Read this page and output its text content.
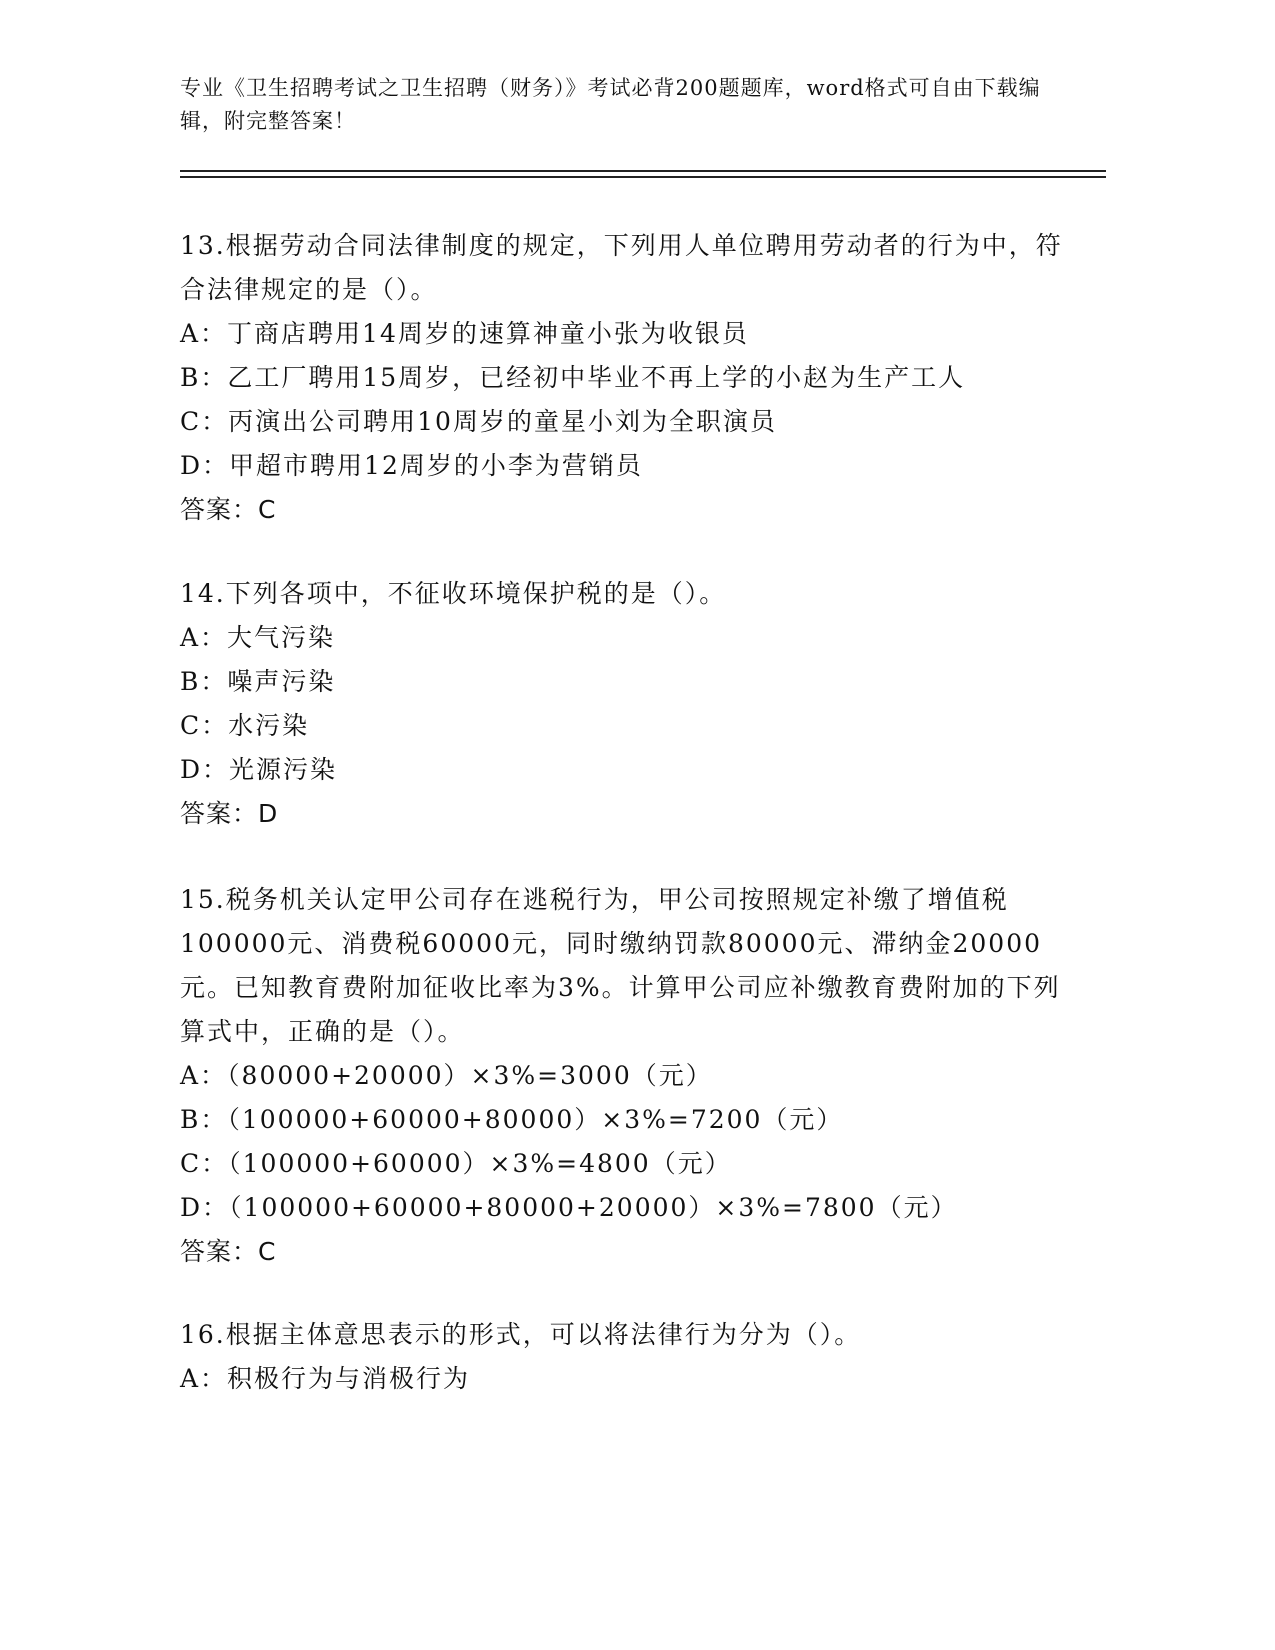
专业《卫生招聘考试之卫生招聘（财务）》考试必背200题题库，word格式可自由下载编辑，附完整答案！
13.根据劳动合同法律制度的规定，下列用人单位聘用劳动者的行为中，符合法律规定的是（）。
A：丁商店聘用14周岁的速算神童小张为收银员
B：乙工厂聘用15周岁，已经初中毕业不再上学的小赵为生产工人
C：丙演出公司聘用10周岁的童星小刘为全职演员
D：甲超市聘用12周岁的小李为营销员
答案：C
14.下列各项中，不征收环境保护税的是（）。
A：大气污染
B：噪声污染
C：水污染
D：光源污染
答案：D
15.税务机关认定甲公司存在逃税行为，甲公司按照规定补缴了增值税100000元、消费税60000元，同时缴纳罚款80000元、滞纳金20000元。已知教育费附加征收比率为3%。计算甲公司应补缴教育费附加的下列算式中，正确的是（）。
A：（80000+20000）×3%=3000（元）
B：（100000+60000+80000）×3%=7200（元）
C：（100000+60000）×3%=4800（元）
D：（100000+60000+80000+20000）×3%=7800（元）
答案：C
16.根据主体意思表示的形式，可以将法律行为分为（）。
A：积极行为与消极行为
